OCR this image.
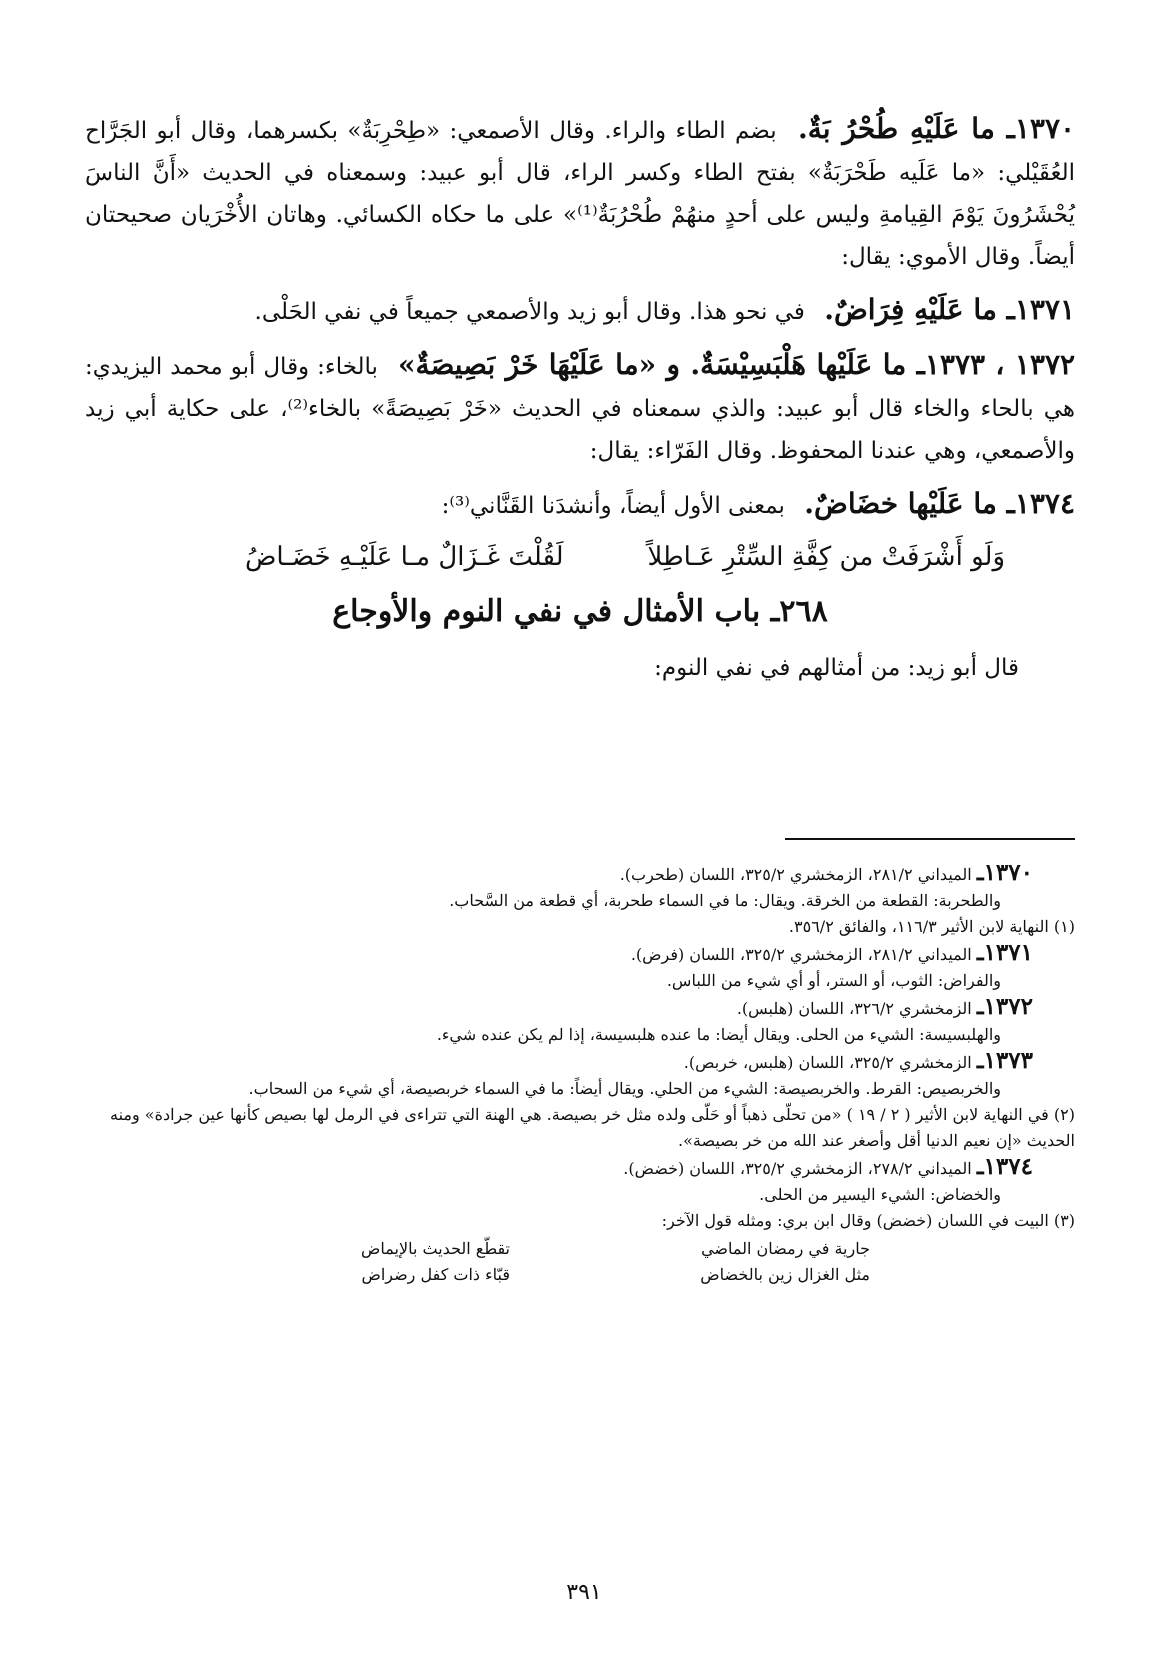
١٣٧٠ـ ما عَلَيْهِ طُحْرُ بَةٌ. بضم الطاء والراء. وقال الأصمعي: «طِحْرِبَةٌ» بكسرهما، وقال أبو الجَرَّاح العُقَيْلي: «ما عَلَيه طَحْرَبَةٌ» بفتح الطاء وكسر الراء، قال أبو عبيد: وسمعناه في الحديث «أَنَّ الناسَ يُحْشَرُونَ يَوْمَ القِيامةِ وليس على أحدٍ منهُمْ طُحْرُبَةٌ⁽¹⁾» على ما حكاه الكسائي. وهاتان الأُخْرَيان صحيحتان أيضاً. وقال الأموي: يقال:

١٣٧١ـ ما عَلَيْهِ فِرَاضٌ. في نحو هذا. وقال أبو زيد والأصمعي جميعاً في نفي الحَلْى.

١٣٧٢ ، ١٣٧٣ـ ما عَلَيْها هَلْبَسِيْسَةٌ. و «ما عَلَيْهَا خَرْ بَصِيصَةٌ» بالخاء: وقال أبو محمد اليزيدي: هي بالحاء والخاء قال أبو عبيد: والذي سمعناه في الحديث «خَرْ بَصِيصَةً» بالخاء⁽²⁾، على حكاية أبي زيد والأصمعي، وهي عندنا المحفوظ. وقال الفَرّاء: يقال:

١٣٧٤ـ ما عَلَيْها خضَاضٌ. بمعنى الأول أيضاً، وأنشدَنا القَنَّاني⁽³⁾:

وَلَو أَشْرَفَتْ من كِفَّةِ السِّتْرِ عَـاطِلاً
لَقُلْتَ غَـزَالٌ مـا عَلَيْـهِ خَضَـاضُ
٢٦٨ـ باب الأمثال في نفي النوم والأوجاع
قال أبو زيد: من أمثالهم في نفي النوم:

١٣٧٠ـ الميداني ٢٨١/٢، الزمخشري ٣٢٥/٢، اللسان (طحرب).

والطحربة: القطعة من الخرقة. ويقال: ما في السماء طحربة، أي قطعة من السَّحاب.

(١) النهاية لابن الأثير ١١٦/٣، والفائق ٣٥٦/٢.

١٣٧١ـ الميداني ٢٨١/٢، الزمخشري ٣٢٥/٢، اللسان (فرض).

والفراض: الثوب، أو الستر، أو أي شيء من اللباس.

١٣٧٢ـ الزمخشري ٣٢٦/٢، اللسان (هلبس).

والهلبسيسة: الشيء من الحلى. ويقال أيضا: ما عنده هلبسيسة، إذا لم يكن عنده شيء.

١٣٧٣ـ الزمخشري ٣٢٥/٢، اللسان (هلبس، خربص).

والخربصيص: القرط. والخربصيصة: الشيء من الحلي. ويقال أيضاً: ما في السماء خربصيصة، أي شيء من السحاب.

(٢) في النهاية لابن الأثير ( ٢ / ١٩ ) «من تحلّى ذهباً أو حَلّى ولده مثل خر بصيصة. هي الهنة التي تتراءى في الرمل لها بصيص كأنها عين جرادة» ومنه الحديث «إن نعيم الدنيا أقل وأصغر عند الله من خر بصيصة».

١٣٧٤ـ الميداني ٢٧٨/٢، الزمخشري ٣٢٥/٢، اللسان (خضض).

والخضاض: الشيء اليسير من الحلى.

(٣) البيت في اللسان (خضض) وقال ابن بري: ومثله قول الآخر:

جارية في رمضان الماضي
تقطّع الحديث بالإيماض
مثل الغزال زين بالخضاض
قبّاء ذات كفل رضراض
٣٩١
